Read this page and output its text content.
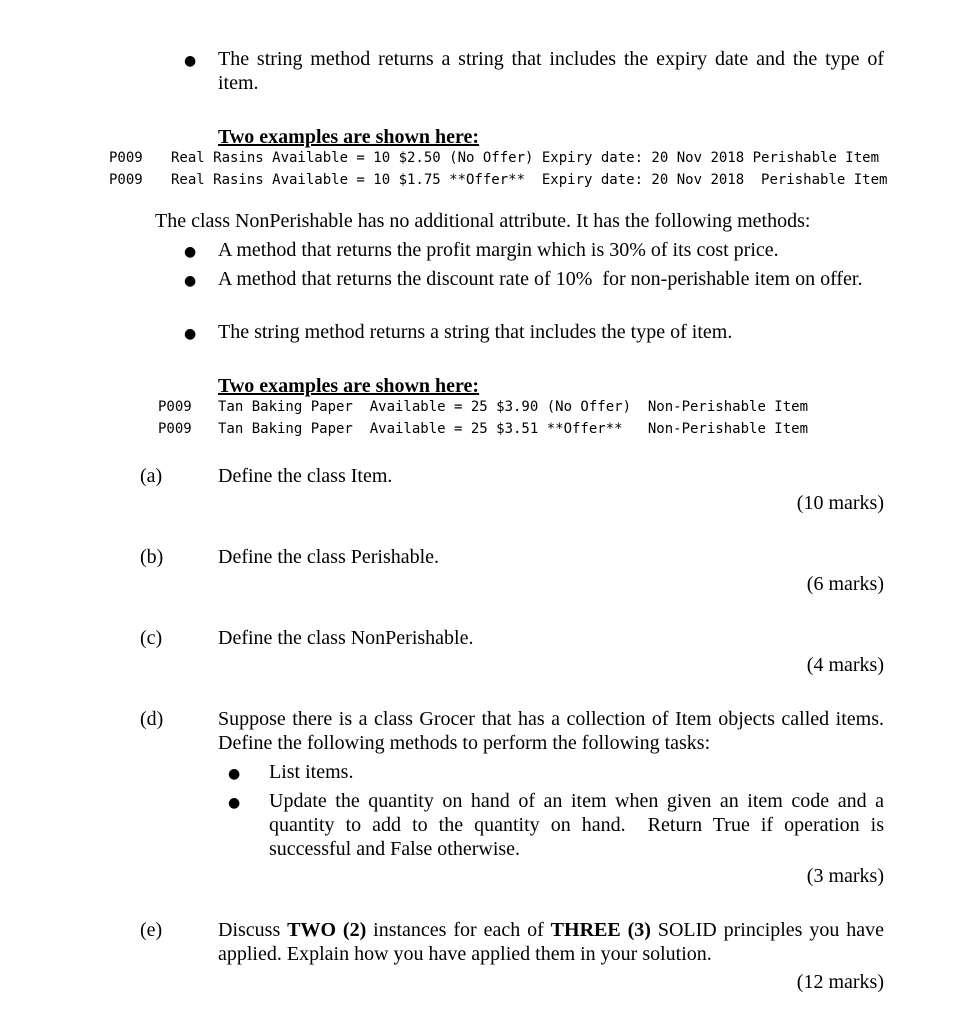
● The string method returns a string that includes the expiry date and the type of item.
Two examples are shown here:
P009 Real Rasins Available = 10 $2.50 (No Offer) Expiry date: 20 Nov 2018 Perishable Item
P009 Real Rasins Available = 10 $1.75 **Offer**  Expiry date: 20 Nov 2018  Perishable Item
The class NonPerishable has no additional attribute. It has the following methods:
● A method that returns the profit margin which is 30% of its cost price.
● A method that returns the discount rate of 10%  for non-perishable item on offer.
● The string method returns a string that includes the type of item.
Two examples are shown here:
P009 Tan Baking Paper  Available = 25 $3.90 (No Offer)  Non-Perishable Item
P009 Tan Baking Paper  Available = 25 $3.51 **Offer**   Non-Perishable Item
(a)	Define the class Item.
(10 marks)
(b)	Define the class Perishable.
(6 marks)
(c)	Define the class NonPerishable.
(4 marks)
(d)	Suppose there is a class Grocer that has a collection of Item objects called items. Define the following methods to perform the following tasks:
● List items.
● Update the quantity on hand of an item when given an item code and a quantity to add to the quantity on hand.  Return True if operation is successful and False otherwise.
(3 marks)
(e)	Discuss TWO (2) instances for each of THREE (3) SOLID principles you have applied. Explain how you have applied them in your solution.
(12 marks)
